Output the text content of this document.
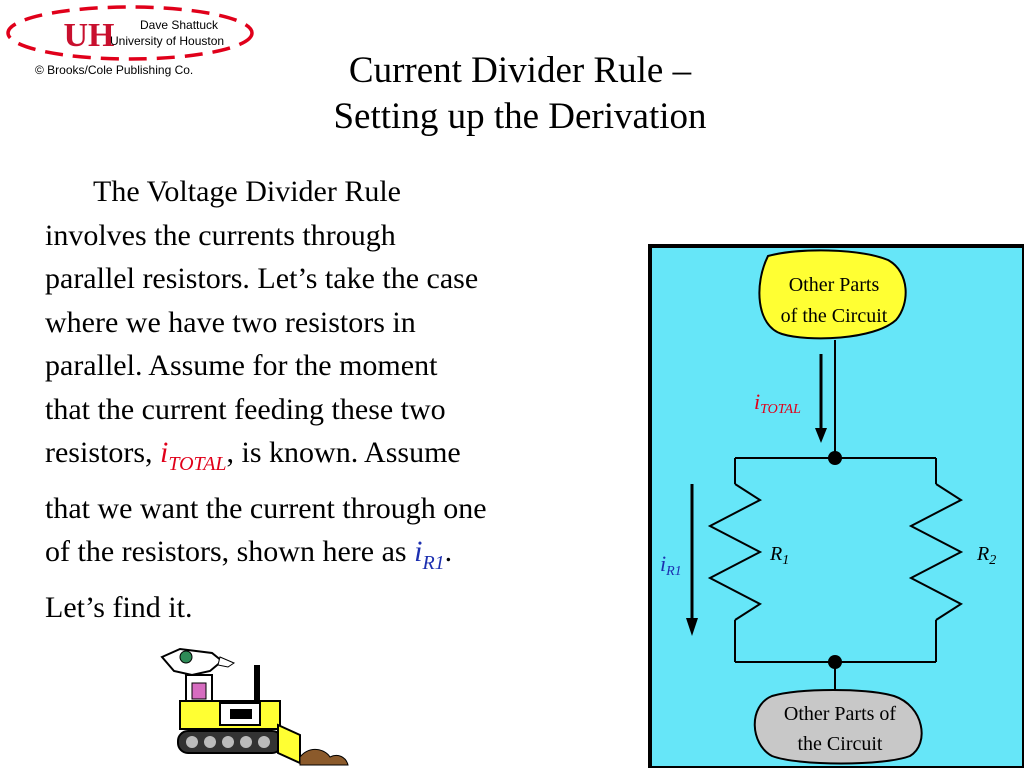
UH Dave Shattuck
University of Houston
© Brooks/Cole Publishing Co.	Current Divider Rule –
Setting up the Derivation

The Voltage Divider Rule

involves the currents through

parallel resistors. Let’s take the case

where we have two resistors in

parallel. Assume for the moment

that the current feeding these two

resistors, $i_{TOTAL}$, is known. Assume

that we want the current through one

of the resistors, shown here as $i_{R1}$.

Let’s find it.

Other Parts
of the Circuit
iTOTAL
$R_1$	$R_2$
iR1
Other Parts of
the Circuit
